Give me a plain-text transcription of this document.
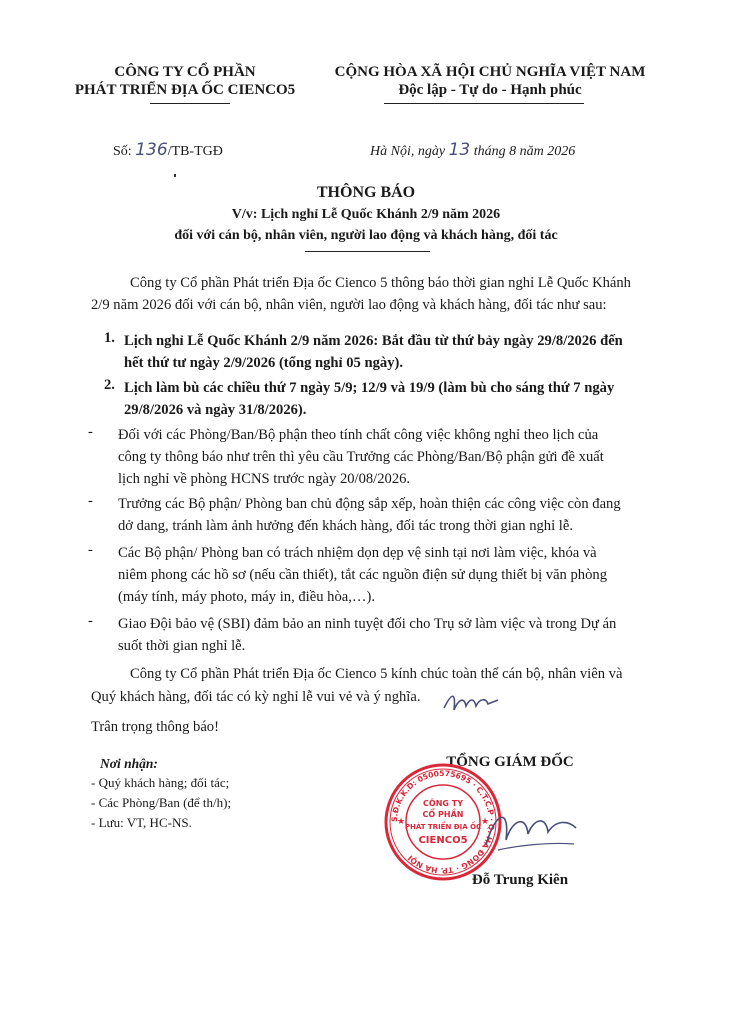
CÔNG TY CỔ PHẦN
PHÁT TRIỂN ĐỊA ỐC CIENCO5
CỘNG HÒA XÃ HỘI CHỦ NGHĨA VIỆT NAM
Độc lập - Tự do - Hạnh phúc
Số: 136/TB-TGĐ	Hà Nội, ngày 13 tháng 8 năm 2026
THÔNG BÁO
V/v: Lịch nghỉ Lễ Quốc Khánh 2/9 năm 2026
đối với cán bộ, nhân viên, người lao động và khách hàng, đối tác
Công ty Cổ phần Phát triển Địa ốc Cienco 5 thông báo thời gian nghỉ Lễ Quốc Khánh
2/9 năm 2026 đối với cán bộ, nhân viên, người lao động và khách hàng, đối tác như sau:
1. Lịch nghỉ Lễ Quốc Khánh 2/9 năm 2026: Bắt đầu từ thứ bảy ngày 29/8/2026 đến
hết thứ tư ngày 2/9/2026 (tổng nghỉ 05 ngày).
2. Lịch làm bù các chiều thứ 7 ngày 5/9; 12/9 và 19/9 (làm bù cho sáng thứ 7 ngày
29/8/2026 và ngày 31/8/2026).
- Đối với các Phòng/Ban/Bộ phận theo tính chất công việc không nghỉ theo lịch của
công ty thông báo như trên thì yêu cầu Trưởng các Phòng/Ban/Bộ phận gửi đề xuất
lịch nghỉ về phòng HCNS trước ngày 20/08/2026.
- Trưởng các Bộ phận/ Phòng ban chủ động sắp xếp, hoàn thiện các công việc còn đang
dở dang, tránh làm ảnh hưởng đến khách hàng, đối tác trong thời gian nghỉ lễ.
- Các Bộ phận/ Phòng ban có trách nhiệm dọn dẹp vệ sinh tại nơi làm việc, khóa và
niêm phong các hồ sơ (nếu cần thiết), tắt các nguồn điện sử dụng thiết bị văn phòng
(máy tính, máy photo, máy in, điều hòa,…).
- Giao Đội bảo vệ (SBI) đảm bảo an ninh tuyệt đối cho Trụ sở làm việc và trong Dự án
suốt thời gian nghỉ lễ.
Công ty Cổ phần Phát triển Địa ốc Cienco 5 kính chúc toàn thể cán bộ, nhân viên và
Quý khách hàng, đối tác có kỳ nghỉ lễ vui vẻ và ý nghĩa.
Trân trọng thông báo!
Nơi nhận:
- Quý khách hàng; đối tác;
- Các Phòng/Ban (để th/h);
- Lưu: VT, HC-NS.
TỔNG GIÁM ĐỐC
S.Đ.K.K.D: 0500575695 · C.T.C.P · Q. HÀ ĐÔNG · TP. HÀ NỘI
CÔNG TY
CỔ PHẦN
PHÁT TRIỂN ĐỊA ỐC
CIENCO5
★	★
Đỗ Trung Kiên
